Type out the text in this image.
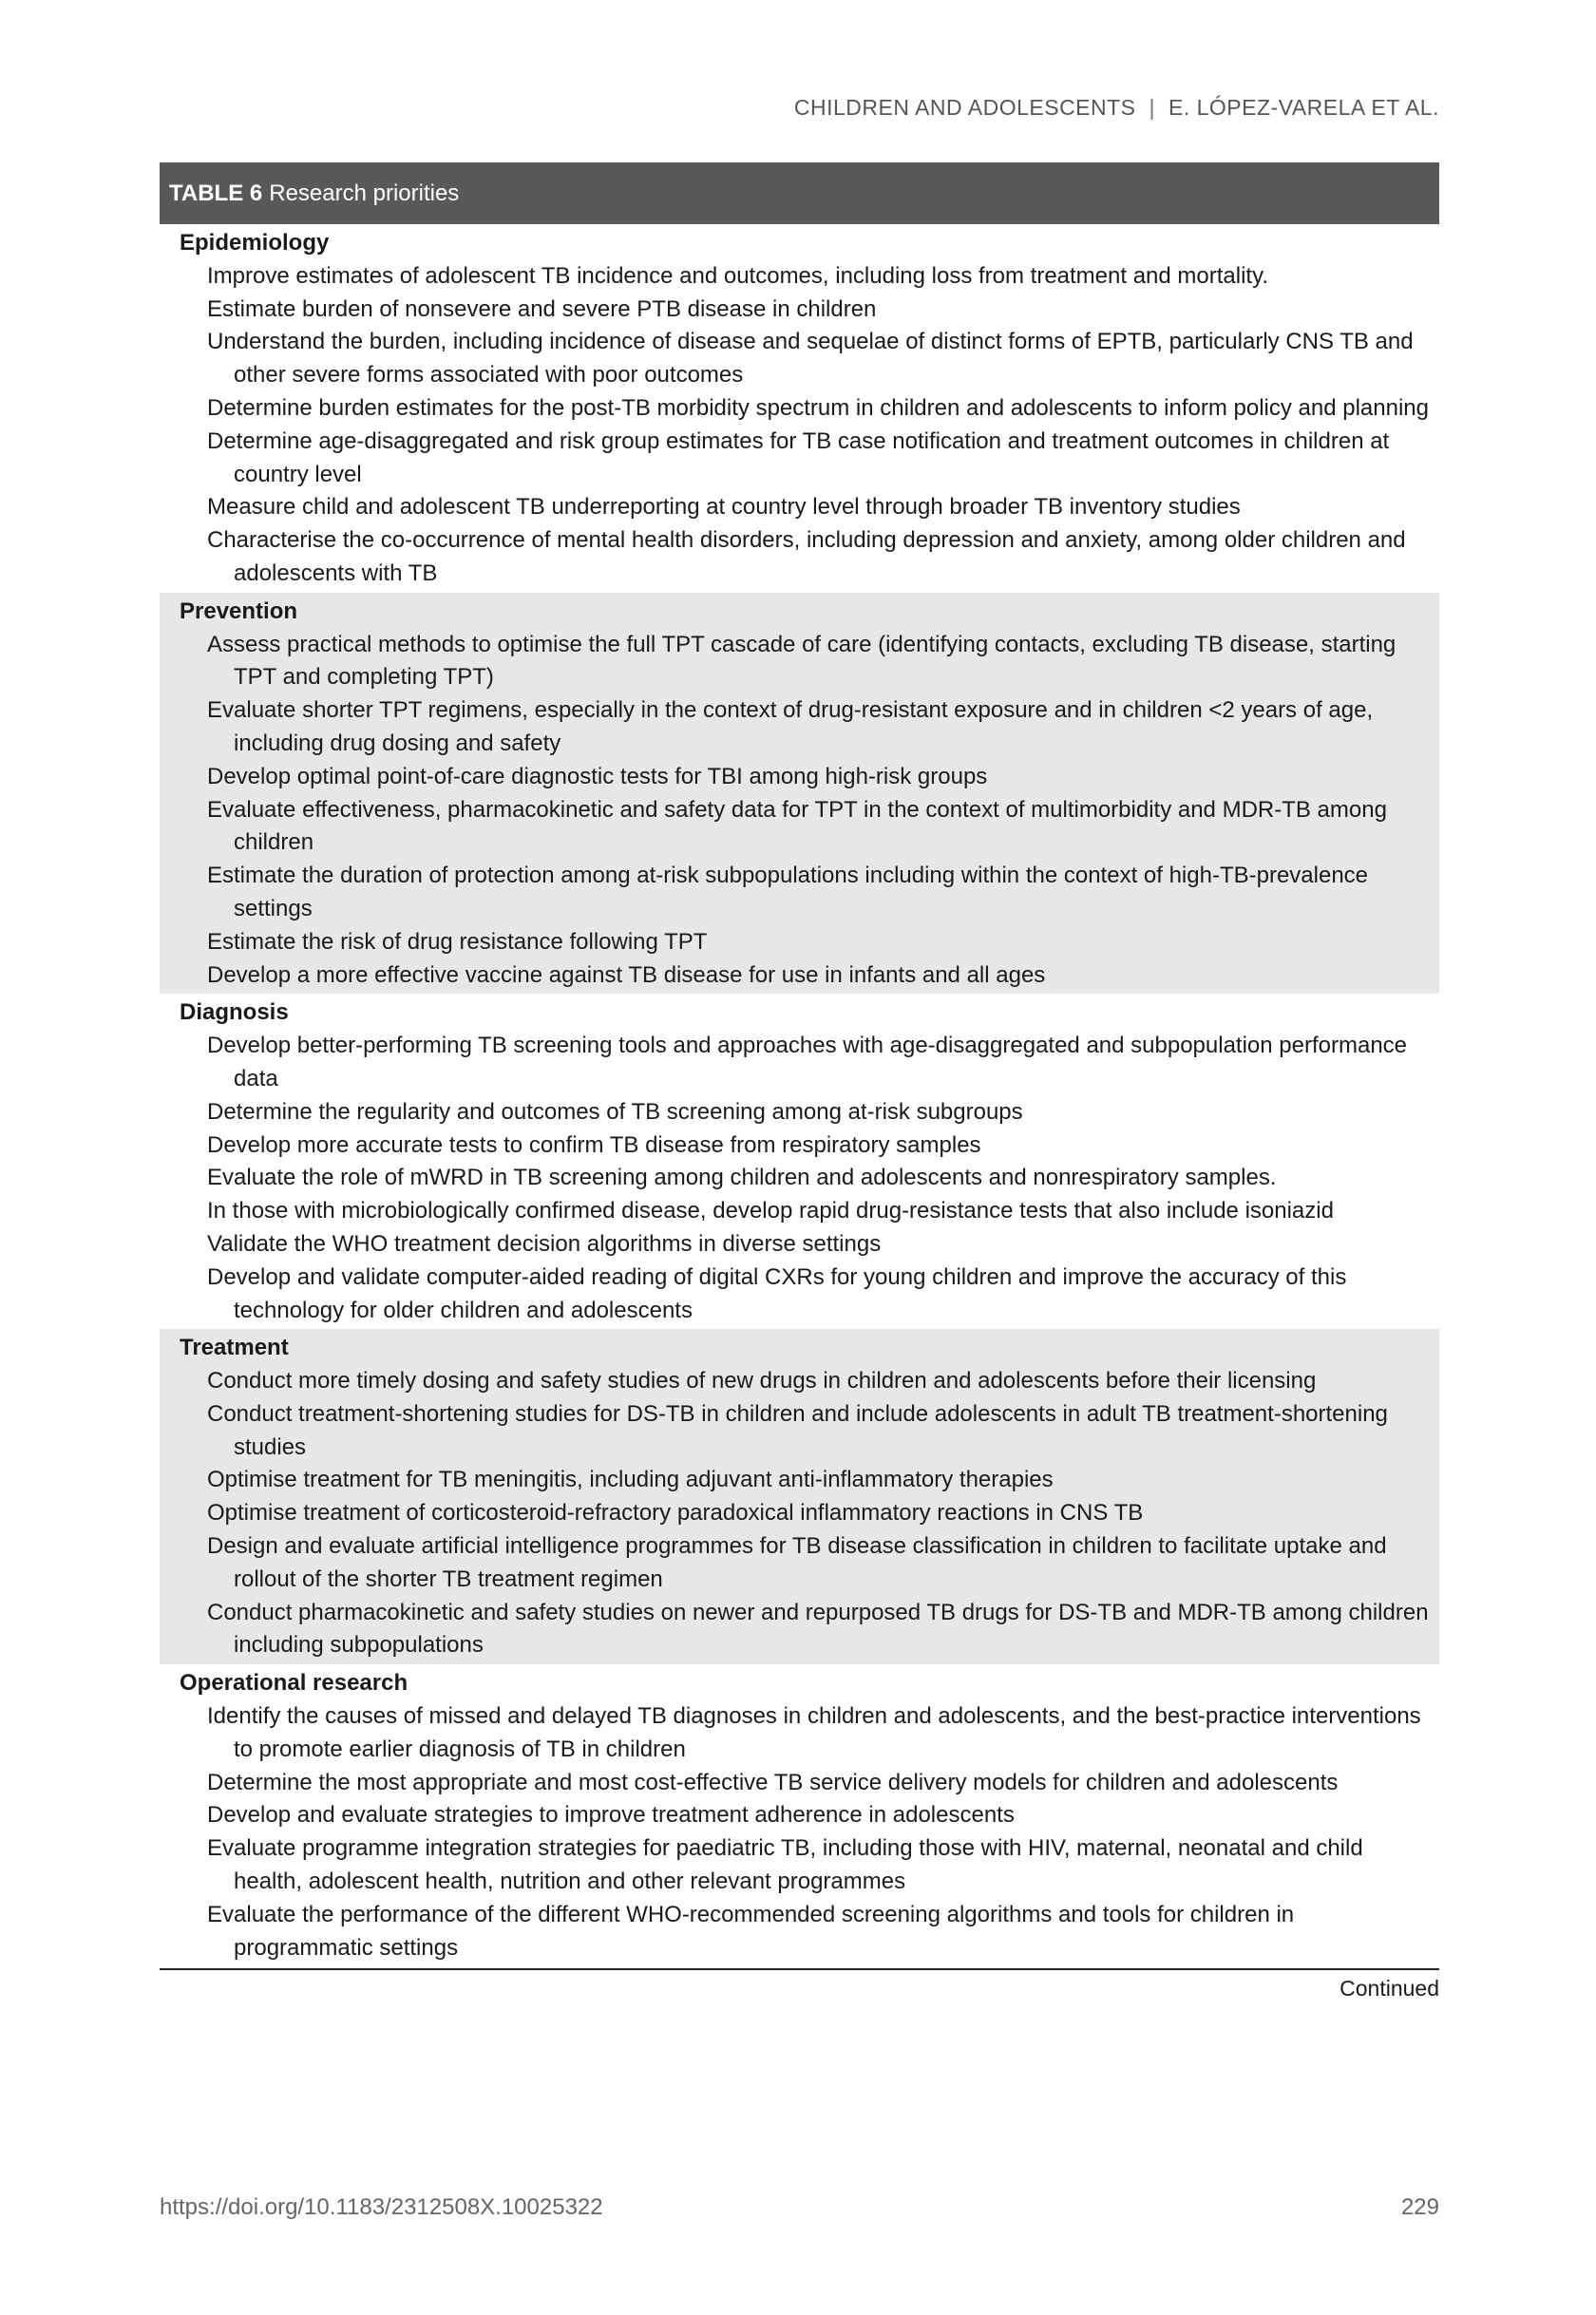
CHILDREN AND ADOLESCENTS | E. LÓPEZ-VARELA ET AL.
TABLE 6 Research priorities
Epidemiology
Improve estimates of adolescent TB incidence and outcomes, including loss from treatment and mortality.
Estimate burden of nonsevere and severe PTB disease in children
Understand the burden, including incidence of disease and sequelae of distinct forms of EPTB, particularly CNS TB and other severe forms associated with poor outcomes
Determine burden estimates for the post-TB morbidity spectrum in children and adolescents to inform policy and planning
Determine age-disaggregated and risk group estimates for TB case notification and treatment outcomes in children at country level
Measure child and adolescent TB underreporting at country level through broader TB inventory studies
Characterise the co-occurrence of mental health disorders, including depression and anxiety, among older children and adolescents with TB
Prevention
Assess practical methods to optimise the full TPT cascade of care (identifying contacts, excluding TB disease, starting TPT and completing TPT)
Evaluate shorter TPT regimens, especially in the context of drug-resistant exposure and in children <2 years of age, including drug dosing and safety
Develop optimal point-of-care diagnostic tests for TBI among high-risk groups
Evaluate effectiveness, pharmacokinetic and safety data for TPT in the context of multimorbidity and MDR-TB among children
Estimate the duration of protection among at-risk subpopulations including within the context of high-TB-prevalence settings
Estimate the risk of drug resistance following TPT
Develop a more effective vaccine against TB disease for use in infants and all ages
Diagnosis
Develop better-performing TB screening tools and approaches with age-disaggregated and subpopulation performance data
Determine the regularity and outcomes of TB screening among at-risk subgroups
Develop more accurate tests to confirm TB disease from respiratory samples
Evaluate the role of mWRD in TB screening among children and adolescents and nonrespiratory samples.
In those with microbiologically confirmed disease, develop rapid drug-resistance tests that also include isoniazid
Validate the WHO treatment decision algorithms in diverse settings
Develop and validate computer-aided reading of digital CXRs for young children and improve the accuracy of this technology for older children and adolescents
Treatment
Conduct more timely dosing and safety studies of new drugs in children and adolescents before their licensing
Conduct treatment-shortening studies for DS-TB in children and include adolescents in adult TB treatment-shortening studies
Optimise treatment for TB meningitis, including adjuvant anti-inflammatory therapies
Optimise treatment of corticosteroid-refractory paradoxical inflammatory reactions in CNS TB
Design and evaluate artificial intelligence programmes for TB disease classification in children to facilitate uptake and rollout of the shorter TB treatment regimen
Conduct pharmacokinetic and safety studies on newer and repurposed TB drugs for DS-TB and MDR-TB among children including subpopulations
Operational research
Identify the causes of missed and delayed TB diagnoses in children and adolescents, and the best-practice interventions to promote earlier diagnosis of TB in children
Determine the most appropriate and most cost-effective TB service delivery models for children and adolescents
Develop and evaluate strategies to improve treatment adherence in adolescents
Evaluate programme integration strategies for paediatric TB, including those with HIV, maternal, neonatal and child health, adolescent health, nutrition and other relevant programmes
Evaluate the performance of the different WHO-recommended screening algorithms and tools for children in programmatic settings
Continued
https://doi.org/10.1183/2312508X.10025322	229
